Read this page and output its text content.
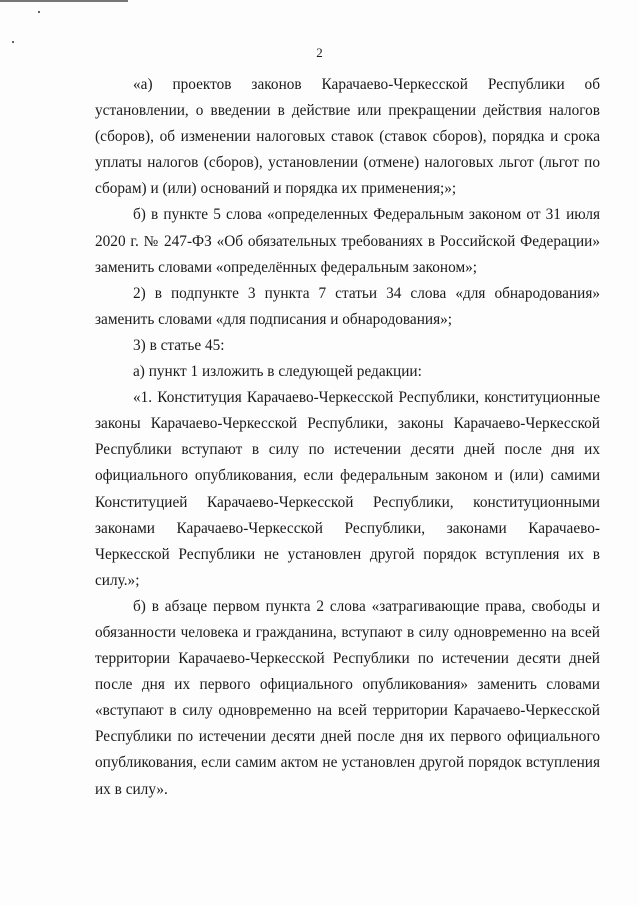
2

«а) проектов законов Карачаево-Черкесской Республики об установлении, о введении в действие или прекращении действия налогов (сборов), об изменении налоговых ставок (ставок сборов), порядка и срока уплаты налогов (сборов), установлении (отмене) налоговых льгот (льгот по сборам) и (или) оснований и порядка их применения;»;

б) в пункте 5 слова «определенных Федеральным законом от 31 июля 2020 г. № 247-ФЗ «Об обязательных требованиях в Российской Федерации» заменить словами «определённых федеральным законом»;

2) в подпункте 3 пункта 7 статьи 34 слова «для обнародования» заменить словами «для подписания и обнародования»;

3) в статье 45:

а) пункт 1 изложить в следующей редакции:

«1. Конституция Карачаево-Черкесской Республики, конституционные законы Карачаево-Черкесской Республики, законы Карачаево-Черкесской Республики вступают в силу по истечении десяти дней после дня их официального опубликования, если федеральным законом и (или) самими Конституцией Карачаево-Черкесской Республики, конституционными законами Карачаево-Черкесской Республики, законами Карачаево-Черкесской Республики не установлен другой порядок вступления их в силу.»;

б) в абзаце первом пункта 2 слова «затрагивающие права, свободы и обязанности человека и гражданина, вступают в силу одновременно на всей территории Карачаево-Черкесской Республики по истечении десяти дней после дня их первого официального опубликования» заменить словами «вступают в силу одновременно на всей территории Карачаево-Черкесской Республики по истечении десяти дней после дня их первого официального опубликования, если самим актом не установлен другой порядок вступления их в силу».
